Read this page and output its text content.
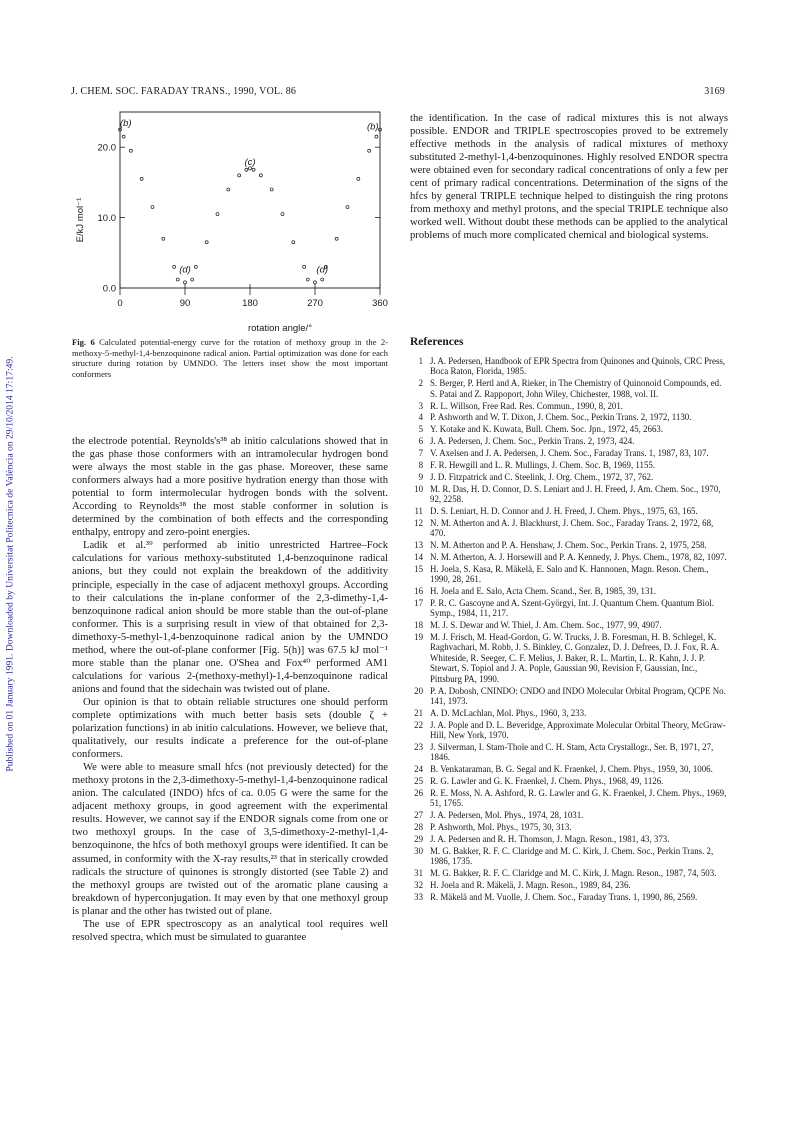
Published on 01 January 1991. Downloaded by Universitat Politecnica de València on 29/10/2014 17:17:49.
J. CHEM. SOC. FARADAY TRANS., 1990, VOL. 86	3169
0	90	180	270	360
0.0
10.0
20.0
(b)	(b)
(c)
(d)	(d)
rotation angle/°
E/kJ mol⁻¹
Fig. 6 Calculated potential-energy curve for the rotation of methoxy group in the 2-methoxy-5-methyl-1,4-benzoquinone radical anion. Partial optimization was done for each structure during rotation by UMNDO. The letters inset show the most important conformers

the electrode potential. Reynolds's³⁸ ab initio calculations showed that in the gas phase those conformers with an intramolecular hydrogen bond were always the most stable in the gas phase. Moreover, these same conformers always had a more positive hydration energy than those with potential to form intermolecular hydrogen bonds with the solvent. According to Reynolds³⁸ the most stable conformer in solution is determined by the combination of both effects and the corresponding enthalpy, entropy and zero-point energies.

Ladik et al.³⁹ performed ab initio unrestricted Hartree–Fock calculations for various methoxy-substituted 1,4-benzoquinone radical anions, but they could not explain the breakdown of the additivity principle, especially in the case of adjacent methoxyl groups. According to their calculations the in-plane conformer of the 2,3-dimethy-1,4-benzoquinone radical anion should be more stable than the out-of-plane conformer. This is a surprising result in view of that obtained for 2,3-dimethoxy-5-methyl-1,4-benzoquinone radical anion by the UMNDO method, where the out-of-plane conformer [Fig. 5(h)] was 67.5 kJ mol⁻¹ more stable than the planar one. O'Shea and Fox⁴⁰ performed AM1 calculations for various 2-(methoxy-methyl)-1,4-benzoquinone radical anions and found that the sidechain was twisted out of plane.

Our opinion is that to obtain reliable structures one should perform complete optimizations with much better basis sets (double ζ + polarization functions) in ab initio calculations. However, we believe that, qualitatively, our results indicate a preference for the out-of-plane conformers.

We were able to measure small hfcs (not previously detected) for the methoxy protons in the 2,3-dimethoxy-5-methyl-1,4-benzoquinone radical anion. The calculated (INDO) hfcs of ca. 0.05 G were the same for the adjacent methoxy groups, in good agreement with the experimental results. However, we cannot say if the ENDOR signals come from one or two methoxyl groups. In the case of 3,5-dimethoxy-2-methyl-1,4-benzoquinone, the hfcs of both methoxyl groups were identified. It can be assumed, in conformity with the X-ray results,²³ that in sterically crowded radicals the structure of quinones is strongly distorted (see Table 2) and the methoxyl groups are twisted out of the aromatic plane causing a breakdown of hyperconjugation. It may even by that one methoxyl group is planar and the other has twisted out of plane.

The use of EPR spectroscopy as an analytical tool requires well resolved spectra, which must be simulated to guarantee

the identification. In the case of radical mixtures this is not always possible. ENDOR and TRIPLE spectroscopies proved to be extremely effective methods in the analysis of radical mixtures of methoxy substituted 2-methyl-1,4-benzoquinones. Highly resolved ENDOR spectra were obtained even for secondary radical concentrations of only a few per cent of primary radical concentrations. Determination of the signs of the hfcs by general TRIPLE technique helped to distinguish the ring protons from methoxy and methyl protons, and the special TRIPLE technique also worked well. Without doubt these methods can be applied to the analytical problems of much more complicated chemical and biological systems.

References
1 J. A. Pedersen, Handbook of EPR Spectra from Quinones and Quinols, CRC Press, Boca Raton, Florida, 1985.
2 S. Berger, P. Hertl and A. Rieker, in The Chemistry of Quinonoid Compounds, ed. S. Patai and Z. Rappoport, John Wiley, Chichester, 1988, vol. II.
3 R. L. Willson, Free Rad. Res. Commun., 1990, 8, 201.
4 P. Ashworth and W. T. Dixon, J. Chem. Soc., Perkin Trans. 2, 1972, 1130.
5 Y. Kotake and K. Kuwata, Bull. Chem. Soc. Jpn., 1972, 45, 2663.
6 J. A. Pedersen, J. Chem. Soc., Perkin Trans. 2, 1973, 424.
7 V. Axelsen and J. A. Pedersen, J. Chem. Soc., Faraday Trans. 1, 1987, 83, 107.
8 F. R. Hewgill and L. R. Mullings, J. Chem. Soc. B, 1969, 1155.
9 J. D. Fitzpatrick and C. Steelink, J. Org. Chem., 1972, 37, 762.
10 M. R. Das, H. D. Connor, D. S. Leniart and J. H. Freed, J. Am. Chem. Soc., 1970, 92, 2258.
11 D. S. Leniart, H. D. Connor and J. H. Freed, J. Chem. Phys., 1975, 63, 165.
12 N. M. Atherton and A. J. Blackhurst, J. Chem. Soc., Faraday Trans. 2, 1972, 68, 470.
13 N. M. Atherton and P. A. Henshaw, J. Chem. Soc., Perkin Trans. 2, 1975, 258.
14 N. M. Atherton, A. J. Horsewill and P. A. Kennedy, J. Phys. Chem., 1978, 82, 1097.
15 H. Joela, S. Kasa, R. Mäkelä, E. Salo and K. Hannonen, Magn. Reson. Chem., 1990, 28, 261.
16 H. Joela and E. Salo, Acta Chem. Scand., Ser. B, 1985, 39, 131.
17 P. R. C. Gascoyne and A. Szent-Györgyi, Int. J. Quantum Chem. Quantum Biol. Symp., 1984, 11, 217.
18 M. J. S. Dewar and W. Thiel, J. Am. Chem. Soc., 1977, 99, 4907.
19 M. J. Frisch, M. Head-Gordon, G. W. Trucks, J. B. Foresman, H. B. Schlegel, K. Raghvachari, M. Robb, J. S. Binkley, C. Gonzalez, D. J. Defrees, D. J. Fox, R. A. Whiteside, R. Seeger, C. F. Melius, J. Baker, R. L. Martin, L. R. Kahn, J. J. P. Stewart, S. Topiol and J. A. Pople, Gaussian 90, Revision F, Gaussian, Inc., Pittsburg PA, 1990.
20 P. A. Dobosh, CNINDO: CNDO and INDO Molecular Orbital Program, QCPE No. 141, 1973.
21 A. D. McLachlan, Mol. Phys., 1960, 3, 233.
22 J. A. Pople and D. L. Beveridge, Approximate Molecular Orbital Theory, McGraw-Hill, New York, 1970.
23 J. Silverman, I. Stam-Thole and C. H. Stam, Acta Crystallogr., Ser. B, 1971, 27, 1846.
24 B. Venkataraman, B. G. Segal and K. Fraenkel, J. Chem. Phys., 1959, 30, 1006.
25 R. G. Lawler and G. K. Fraenkel, J. Chem. Phys., 1968, 49, 1126.
26 R. E. Moss, N. A. Ashford, R. G. Lawler and G. K. Fraenkel, J. Chem. Phys., 1969, 51, 1765.
27 J. A. Pedersen, Mol. Phys., 1974, 28, 1031.
28 P. Ashworth, Mol. Phys., 1975, 30, 313.
29 J. A. Pedersen and R. H. Thomson, J. Magn. Reson., 1981, 43, 373.
30 M. G. Bakker, R. F. C. Claridge and M. C. Kirk, J. Chem. Soc., Perkin Trans. 2, 1986, 1735.
31 M. G. Bakker, R. F. C. Claridge and M. C. Kirk, J. Magn. Reson., 1987, 74, 503.
32 H. Joela and R. Mäkelä, J. Magn. Reson., 1989, 84, 236.
33 R. Mäkelä and M. Vuolle, J. Chem. Soc., Faraday Trans. 1, 1990, 86, 2569.
